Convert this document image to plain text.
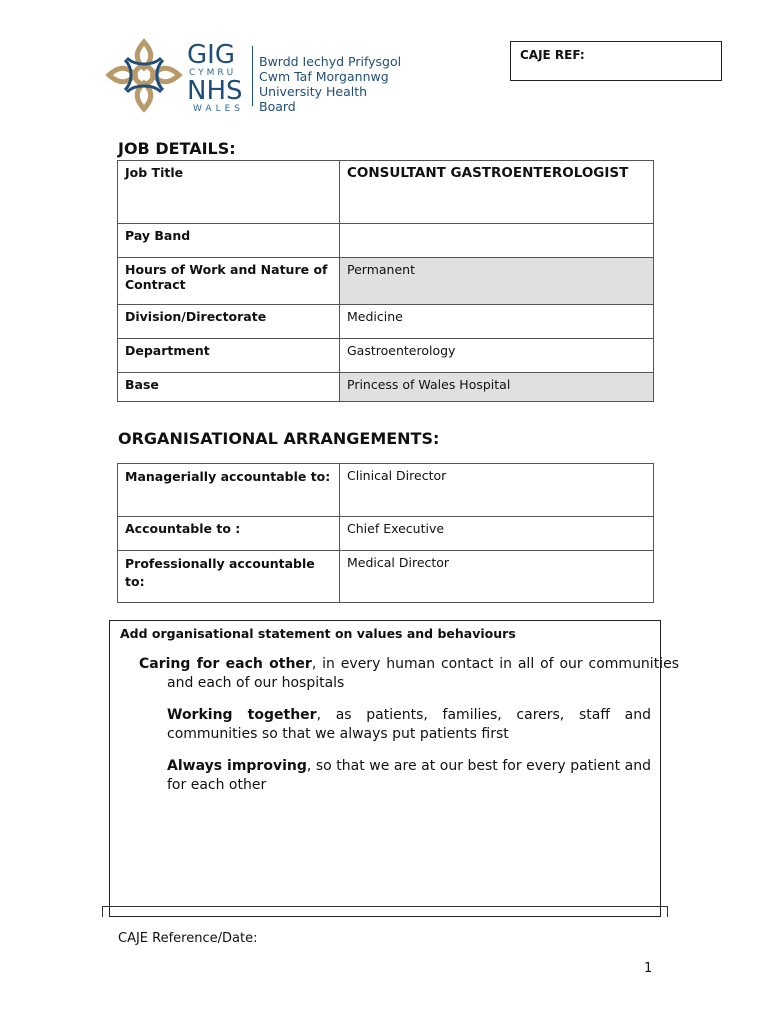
GIG
CYMRU
NHS
WALES
Bwrdd Iechyd Prifysgol
Cwm Taf Morgannwg
University Health Board
CAJE REF:
JOB DETAILS:
Job Title	CONSULTANT GASTROENTEROLOGIST
Pay Band	
Hours of Work and Nature of Contract	Permanent
Division/Directorate	Medicine
Department	Gastroenterology
Base	Princess of Wales Hospital
ORGANISATIONAL ARRANGEMENTS:
Managerially accountable to:	Clinical Director
Accountable to :	Chief Executive
Professionally accountable to:	Medical Director
Add organisational statement on values and behaviours
Caring for each other, in every human contact in all of our communities and each of our hospitals
Working together, as patients, families, carers, staff and communities so that we always put patients first
Always improving, so that we are at our best for every patient and for each other
CAJE Reference/Date:
1
